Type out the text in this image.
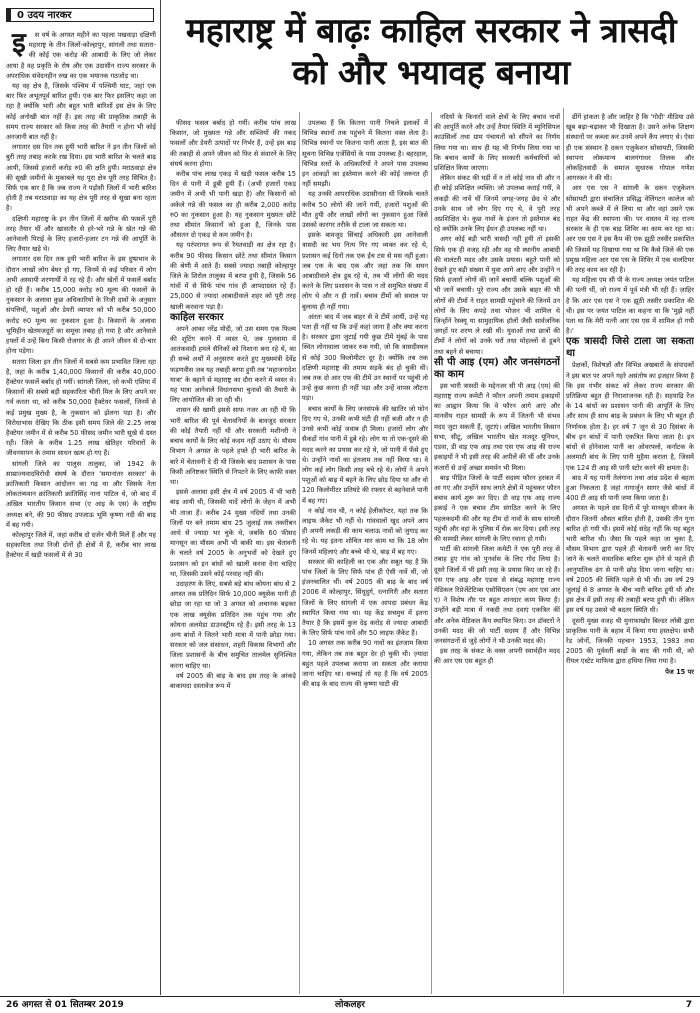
0 उदय नारकर

इ स वर्ष के अगस्त महीने का पहला पखवाड़ा दक्षिणी महाराष्ट्र के तीन जिलों-कोल्हापुर, सांगली तथा सतारा-की कोई एक करोड़ की आबादी के लिए जो लेकर आया है वह प्रकृति के रोष और एक उदासीन राज्य सरकार के अपराधिक संवेदनहीन रुख का एक भयानक गठजोड़ था।

यह वह क्षेत्र है, जिसके पश्चिम में पश्चिमी घाट, जहां एक बार फिर अभूतपूर्व बारिश हुयी। एक बार फिर इसलिए कहा जा रहा है क्योंकि भारी और बहुत भारी बारिशों इस क्षेत्र के लिए कोई अनोखी बात नहीं हैं। इस तरह की प्राकृतिक तबाही के समय राज्य सरकार को किस तरह की तैयारी न होना भी कोई अनजानी बात नहीं है।

लगातार दस दिन तक हुयी भारी बारिश ने इन तीन जिलों को बुरी तरह तबाह करके रख दिया। इस भारी बारिश के चलते बाढ़ आयी, जिससे हजारों करोड़ रु0 की क्षति हुयी। मराठवाड़ा क्षेत्र की सूखी जमीनों के मुकाबले यह पूरा क्षेत्र पूरी तरह सिंचित है। सिर्फ़ एक बार है कि जब राज्य ने पड़ोसी जिलों में भारी बारिश होती है तब मराठवाड़ा का यह क्षेत्र पूरी तरह से सूखा बना रहता है।

दक्षिणी महाराष्ट्र के इन तीन जिलों में खरीफ की फसलें पूरी तरह तैयार थीं और खासतौर से हरे-भरे गन्ने के खेत गन्ने की आनेवाली पिराई के लिए हजारों-हजार टन गन्ने की आपूर्ति के लिए तैयार खड़े थे।

लगातार दस दिन तक हुयी भारी बारिश के इस दुष्प्रभाव के दौरान लाखों लोग बेघर हो गए, जिनमें से कई परिवार में लोग अभी अस्थायी शरणार्थी में रह रहे हैं। और खेतों में फसलें बर्बाद हो रही हैं। करीब 15,000 करोड़ रु0 मूल्य की फसलों के नुकसान के अलावा कुछ अधिकारियों के निजी दावों के अनुसार संपत्तियों, पशुओं और डेयरी व्यापार को भी करीब 50,000 करोड़ रु0 मूल्य का नुकसान हुआ है। किसानों के अलावा भूमिहीन खेतमजदूरों का समूचा तबाह हो गया है और आनेवाले हफ्तों में उन्हें बिना किसी रोजगार के ही अपने जीवन से दो-चार होना पड़ेगा।

सतारा जिला इन तीन जिलों में सबसे कम प्रभावित जिला रहा है, जहां के करीब 1,40,000 किसानों की करीब 40,000 हैक्टेयर फसलें बर्बाद हो गयीं। सांगली जिला, जो कभी एशिया में किसानों की सबसे बड़ी सहकारिता चीनी मिल के लिए अपने घर गर्व करता था, को करीब 50,000 हैक्टेयर फसलों, जिनमें से कई प्रमुख मुख्य है, के नुकसान को झेलना पड़ा है। और विरोधाभास देखिए कि ठीक इसी समय जिले की 2.25 लाख हैक्टेयर जमीन में से करीब 50 फीसद जमीन भारी सूखे से ग्रस्त रही। जिले के करीब 1.25 लाख खेतिहर परिवारों के जीवनयापन के तमाम साधन खत्म हो गए हैं।

सांगली जिले का पालुस तालुका, जो 1942 के साम्राज्यवादविरोधी संघर्ष के दौरान 'समानांतर सरकार' के क्रांतिकारी किसान आंदोलन का गढ़ था और जिसके नेता लोकतंत्र्यवान क्रांतिकारी क्रांतिसिंह नाना पाटिल थे, जो बाद में अखिल भारतीय किसान सभा (ए आइ के एस) के राष्ट्रीय अध्यक्ष बने, की 90 फीसद उपजाऊ भूमि कृष्णा नदी की बाढ़ में बह गयी।

कोल्हापुर जिले में, जहां करीब दो दर्जन चीनी मिलें हैं और यह सहकारिता तथा निजी दोनों ही क्षेत्रों में हैं, करीब चार लाख हैक्टेयर में खड़ी फसलों में से 30

महाराष्ट्र में बाढ़ः काहिल सरकार ने त्रासदी को और भयावह बनाया

फीसद फसल बर्बाद हो गयीं। करीब पांच लाख किसान, जो मुख्यतः गन्ने और सब्जियों की नकद फसलों और डेयरी उत्पादों पर निर्भर हैं, उन्हें इस बाढ़ की तबाही से अपने जीवन को फिर से संवारने के लिए संघर्ष करना होगा।

करीब पांच लाख एकड़ में खड़ी फसल करीब 15 दिन से पानी में डूबी हुयी हैं। (अभी हजारों एकड़ जमीन में अभी भी पानी खड़ा है) और किसानों को अकेले गन्ने की फसल का ही करीब 2,000 करोड़ रु0 का नुकसान हुआ है। यह नुकसान मुख्यतः छोटे तथा सीमांत किसानों को हुआ है, जिनके पास औसतन दो एकड़ से कम जमीन है।

यह परंपरागत रूप से रैयतवाड़ी का क्षेत्र रहा है। करीब 90 फीसद किसान छोटे तथा सीमांत किसान की श्रेणी में आते हैं। सबसे ज्यादा तबाही कोल्हापुर जिले के शिरोल तालुका में बरपा हुयी है, जिसके 56 गांवों में से सिर्फ पांच गांव ही आपदाग्रस्त रहे हैं। 25,000 से ज्यादा आबादीवाले शहर को पूरी तरह खाली करवाना पड़ा है।

काहिल सरकार

अपने आका नरेंद्र मोदी, जो उस समय एक फिल्म की शूटिंग करने में व्यस्त थे, जब पुलवामा में आतंकवादी हमले सैनिकों को निशाना बना रहे थे, का ही सच्चे अर्थों में अनुसरण करते हुए मुख्यमंत्री देवेंद्र फड़णवीस जब यह तबाही बरपा हुयी तब 'महाजनादेश यात्रा' के बहाने से महाराष्ट्र का दौरा करने में व्यस्त थे। यह यात्रा आनेवाले विधानसभा चुनावों की तैयारी के लिए आयोजित की जा रही थी।

शासन की खामी इससे साफ नजर आ रही थी कि भारी बारिश की पूर्व चेतावनियों के बावजूद सरकार की कोई तैयारी नहीं थी और सरकारी मशीनरी ने बचाव कार्यों के लिए कोई कदम नहीं उठाए थे। मौसम विभाग ने अगस्त के पहले हफ्ते ही भारी बारिश के बारे में चेतावनी दे दी थी जिसके बाद प्रशासन के पास किसी अनिष्टकर स्थिति से निपटने के लिए काफी वक्त था।

इससे अलावा इसी क्षेत्र में वर्ष 2005 में भी भारी बाढ़ आयी थी, जिसकी यादें लोगों के जेहन में अभी भी ताजा हैं। करीब 24 मुख्य नदियों तथा उनकी जिलों पर बने तमाम बांध 25 जुलाई तक तकरीबन आधे से ज्यादा भर चुके थे, जबकि 60 फीसद मानसून का मौसम अभी भी बाकी था। इस चेतावनी के चलते वर्ष 2005 के अनुभवों को देखते हुए प्रशासन को इन बांधों को खाली करवा देना चाहिए था, जिसकी उसने कोई परवाह नहीं की।

उदाहरण के लिए, सबसे बड़े बांध कोयना बांध से 2 अगस्त तक प्रतिदिन सिर्फ 10,000 क्यूसेक पानी ही छोड़ा जा रहा था जो 3 अगस्त को अचानक बढ़कर एक लाख क्यूसेक प्रतिदिन तक पहुंच गया और कोयना अलमेडा डाउनस्ट्रीम रहे हैं। इसी तरह के 13 अन्य बांधों ने जितने भारी मात्रा में पानी छोड़ा गया। सरकार को जल संसाधन, शहरी विकास विभागों और जिला प्रशासनों के बीच समुचित तालमेल सुनिश्चित करना चाहिए था।

वर्ष 2005 की बाढ़ के बाद इस तरह के आंकड़े बाकायदा दस्तावेज रूप में

उपलब्ध हैं कि कितना पानी निचले इलाकों में विभिन्न स्थानों तक पहुंचने में कितना वक्त लेता है। विभिन्न स्थानों पर कितना पानी आता है, इस बात की सूचना विभिन्न एजेंसियों के पास उपलब्ध है। बहरहाल, विभिन्न स्तरों के अधिकारियों ने अपने पास उपलब्ध इन आंकड़ों का इस्तेमाल करने की कोई जरूरत ही नहीं समझी।

यह उनकी आपराधिक उदासीनता थी जिसके चलते करीब 50 लोगों की जानें गयीं, हजारों पशुओं की मौत हुयी और लाखों लोगों का नुकसान हुआ जिसे उसको कारगर तरीके से टाला जा सकता था।

इसके बावजूद सिंचाई अधिकारी इस आनेवाली त्रासदी का भय नित्य गिर गए व्यक्त कर रहे थे, प्रशासन कई दिनों तक एक ईंच टस से मस नहीं हुआ। जब एक के बाद एक और जहां तक कि सघन आबादीवाले क्षेत्र डूब रहे थे, तब भी लोगों की मदद करने के लिए प्रशासन के पास न तो समुचित संख्या में लोग थे और न ही नावें। बचाव टीमों को सवाल पर बुलाया ही नहीं गया।

अंततः बाद में जब बाहर से वे टीमें आयीं, उन्हें यह पता ही नहीं था कि उन्हें कहां जाना है और क्या करना है। सरकार द्वारा जुटाई गयी कुछ टीमें मुंबई के पास स्थित लोनावाला जाकर रुक गयी, जो कि त्रासदीस्थल से कोई 300 किलोमीटर दूर है। क्योंकि तब तक दक्षिणी महाराष्ट्र की तमाम सड़कें बंद हो चुकी थीं। जब तक दो आर एफ की टीमें उन स्थानों पर पहुंची तो उन्हें कुछ करना ही नहीं पड़ा और उन्हें वापस लौटना पड़ा।

बचाव कार्यों के लिए जनसंपर्क की खातिर जो फोन दिए गए थे, उनकी कभी घंटी ही नहीं बजी और न ही उनसे कभी कोई जवाब ही मिला। हजारों लोग और सैकड़ों गांव पानी में डूबे रहे। लोग या तो एक-दूसरे की मदद करने का प्रयास कर रहे थे, जो पानी में फँसे हुए थे। उन्होंने नावों का इंतजाम तक नहीं किया था। वे लोग कई लोग किसी तरह बचे रहे थे। लोगों ने अपने पशुओं को बाढ़ में बहने के लिए छोड़ दिया था और वो 120 किलोमीटर प्रतिघंटे की रफ्तार से बहनेवाले पानी में बह गए।

न कोई नाव थी, न कोई हेलीकॉप्टर, यहां तक कि लाइफ जैकेट भी नहीं थे। गांववालों खुद अपने आप ही अपनी लकड़ी की काम चलाऊ नावों को जुगाड़ कर रहे थे। यह इतना शोचित मार काम था कि 18 लोग जिनमें महिलाएं और बच्चे भी थे, बाढ़ में बह गए।

सरकार की काहिली का एक और सबूत यह है कि पांच जिलों के लिए सिर्फ पांच ही ऐसी नावें थीं, जो इंजनचालित थीं। वर्ष 2005 की बाढ़ के बाद वर्ष 2006 में कोल्हापुर, सिंधुदुर्ग, रत्नागिरी और सतारा जिलों के लिए सांगली में एक आपदा प्रबंधन केंद्र स्थापित किया गया था। यह केंद्र सचमुच में इतना तैयार है कि इसमें कुल देढ़ करोड़ से ज्यादा आबादी के लिए सिर्फ पांच नावें और 50 लाइफ जैकेट हैं।

10 अगस्त तक करीब 90 नावों का इंतजाम किया गया, लेकिन तब तक बहुत देर हो चुकी थी। ज़्यादा बहुत पहले उपलब्ध कराया जा सकता और कराया जाना चाहिए था। सच्चाई तो यह है कि वर्ष 2005 की बाढ़ के बाद राज्य की कृष्णा घाटी की

नदियों के किनारों वाले क्षेत्रों के लिए बचाव नावों की आपूर्ति करने और उन्हें तैयार स्थिति में म्युनिसिपल काउंसिलों तथा ग्राम पंचायतों को सौंपने का निर्णय लिया गया था। साथ ही यह भी निर्णय लिया गया था कि बचाव कार्यों के लिए सरकारी कर्मचारियों को प्रशिक्षित किया जाएगा।

लेकिन संकट की घड़ी में न तो कोई नाव थी और न ही कोई प्रशिक्षित व्यक्ति। जो उपलब्ध कराई गयीं, वे लकड़ी की नावें थीं जिनमें जगह-जगह छेद थे और उनके साथ जो लोग दिए गए थे, वे पूरी तरह अप्रशिक्षित थे। कुछ नावों के इंजन तो इस्तेमाल बंद रहे क्योंकि उनके लिए ईंधन ही उपलब्ध नहीं था।

अगर कोई बड़ी भारी त्रासदी नहीं हुयी तो इसकी सिर्फ एक ही वजह रही और वह थी स्थानीय आबादी की वालंटरी मदद और उसके प्रयास। बहुते पानी को देखते हुए बड़ी संख्या में युवा आगे आए और उन्होंने न सिर्फ हजारों लोगों की जानें बचायीं बल्कि पशुओं की भी जानें बचायी। पूरे राज्य और उसके बाहर की भी लोगों की टीमों ने राहत सामग्री पहुंचाने की जिनमें उन लोगों के लिए कपड़े तथा भोजन भी शामिल थे जिन्होंने रेस्क्यू या सामुदायिक हॉलों जैसी सार्वजनिक जगहों पर शरण ले रखी थी। युवाओं तथा छात्रों की टीमों ने लोगों को उनके घरों तथा मोहल्लों से डूबने तथा बहने से बचाया।

सी पी आइ (एम) और जनसंगठनों का काम

इस भारी त्रासदी के मद्देनजर सी पी आइ (एम) की महाराष्ट्र राज्य कमेटी ने फौरन अपनी तमाम इकाइयों का आह्वान किया कि वे फौरन आगे आएं और मानवीय राहत सामग्री के रूप में जितनी भी संभव मदद जुटा सकती हैं, जुटाएं। अखिल भारतीय किसान सभा, सीटू, अखिल भारतीय खेत मजदूर यूनियन, एडवा, डी वाइ एफ आइ तथा एस एफ आइ की राज्य इकाइयों ने भी इसी तरह की अपीलें की थीं और उनके कतारों से उन्हें अच्छा समर्थन भी मिला।

बाढ़ पीड़ित जिलों के पार्टी सदस्य फौरन हरकत में आ गए और उन्होंने साथ लगते क्षेत्रों में पहुंचकर फौरन बचाव कार्य शुरू कर दिए। डी वाइ एफ आइ राज्य इकाई ने एक बचाव टीम संगठित करने के लिए पहलकदमी की और यह टीम दो नावों के साथ सांगली पहुंची और वहां के पुलिस में रोक कर दिया। इसी तरह की सामग्री लेकर सांगली के लिए रवाना हो गयी।

पार्टी की सांगली जिला कमेटी ने एक पूरी तरह से तबाह हुए गांव को पुनर्वास के लिए गोद लिया है। दूसरे जिलों में भी इसी तरह के प्रयास किए जा रहे हैं। एस एफ आइ और एडवा से संबद्ध महाराष्ट्र राज्य मेडिकल रिप्रेजेंटेटिव्स एसोसिएशन (एम आर एस आर ए) ने विशेष तौर पर बहुत शानदार काम किया है। उन्होंने बड़ी मात्रा में नकदी तथा दवाएं एकत्रित कीं और अनेक मेडिकल कैंप स्थापित किए। उन डॉक्टरों ने उनकी मदद की जो पार्टी सदस्य हैं और विभिन्न जनसंगठनों से जुड़े लोगों ने भी उनकी मदद की।

इस तरह के संकट के वक्त अपनी स्वार्थहीन मदद की आर एस एस बहुत ही

ढींगें हांकता है और जाहिर है कि 'गोदी' मीडिया उसे खूब बढ़ा-चढ़ाकर भी दिखाता है। उसने अनेक शिक्षण संस्थानों पर कब्जा कर उनमें अपने कैंप लगाए थे। ऐसा ही एक संस्थान है दकन एजुकेशन सोसायटी, जिसकी स्थापना लोकमान्य बालगंगाधर तिलक और लोकहितवादी के समाज सुधारक गोपाल गणेश आगरकर ने की थी।

आर एस एस ने सांगली के दकन एजुकेशन सोसायटी द्वारा संचालित प्रसिद्ध वेलिंगटन कालेज को भी अपने कब्जे में ले लिया था और वहां उसने एक राहत केंद्र की स्थापना की। पर वास्तव में वह राज्य सरकार के ही एक बाढ़ शिविर का काम कर रहा था। आर एस एस ने इस कैंप की एक झूठी तस्वीर प्रकाशित की जिसमें यह दिखाया गया था कि कैसे जिले की एक प्रमुख महिला आर एस एस के शिविर में एक वालंटियर की तरह काम कर रही है।

यह महिला एम सी पी के राज्य अध्यक्ष जयंत पाटिल की पत्नी थीं, जो राज्य में पूर्व मंत्री भी रही हैं। ज़ाहिर है कि आर एस एस ने एक झूठी तस्वीर प्रकाशित की थी। इस पर जयंत पाटिल का कहना था कि 'मुझे नहीं पता था कि मेरी पत्नी आर एस एस में शामिल हो गयी है।'

एक त्रासदी जिसे टाला जा सकता था

प्रेक्षकों, विशेषज्ञों और विभिन्न अखबारों के संपादकों ने इस बात पर अपने गहरे असंतोष का इजहार किया है कि इस गंभीर संकट को लेकर राज्य सरकार की प्रतिक्रिया बहुत ही निराशाजनक रही है। सहयाद्रि रेंज के 14 बांधों का प्रशासन पानी की आपूर्ति के लिए और साथ ही साथ बाढ़ के प्रबंधन के लिए भी बहुत ही निर्णायक होता है। हर वर्ष 7 जून से 30 दिसंबर के बीच इन बांधों में पानी एकत्रित किया जाता है। इन बांधों से होनेवाला पानी का ओवरफ्लो, कर्नाटक के अलमाटी बांध के लिए पानी मुहैया कराता है, जिसमें एक 124 टी आइ सी पानी स्टोर करने की क्षमता है।

बाद में यह पानी तेलंगाना तथा आंध्र प्रदेश से बहता हुआ निकलता है जहां नागार्जुन सागर जैसे बांधों में 400 टी आइ सी पानी जमा किया जाता है।

अगस्त के पहले दस दिनों में पूरे मानसून सीजन के दौरान जितनी औसत बारिश होती है, उसकी तीन गुना बारिश हो गयी थी। इसमें कोई संदेह नहीं कि यह बहुत भारी बारिश थी। जैसा कि पहले कहा जा चुका है, मौसम विभाग द्वारा पहले ही चेतावनी जारी कर दिए जाने के चलते वास्तविक बारिश शुरू होने से पहले ही आनुपातिक ढंग से पानी छोड़ दिया जाना चाहिए था। वर्ष 2005 की स्थिति पहले से भी थी। उस वर्ष 29 जुलाई से 8 अगस्त के बीच भारी बारिश हुयी थी और इस क्षेत्र में इसी तरह की तबाही बरपा हुयी थी। लेकिन इस वर्ष यह उससे भी बदतर स्थिति थी।

दूसरी मुख्य वजह थी मुनाफाखोर बिल्डर लॉबी द्वारा प्राकृतिक पानी के बहाव में किया गया हस्तक्षेप। सभी रेड जोनों, जिनकी पहचान 1953, 1983 तथा 2005 की पूर्ववर्ती बाढ़ों के बाद की गयी थी, को रीयल एस्टेट माफिया द्वारा हथिया लिया गया है।

पेज 15 पर

26 अगस्त से 01 सितम्बर 2019	लोकलहर	7
